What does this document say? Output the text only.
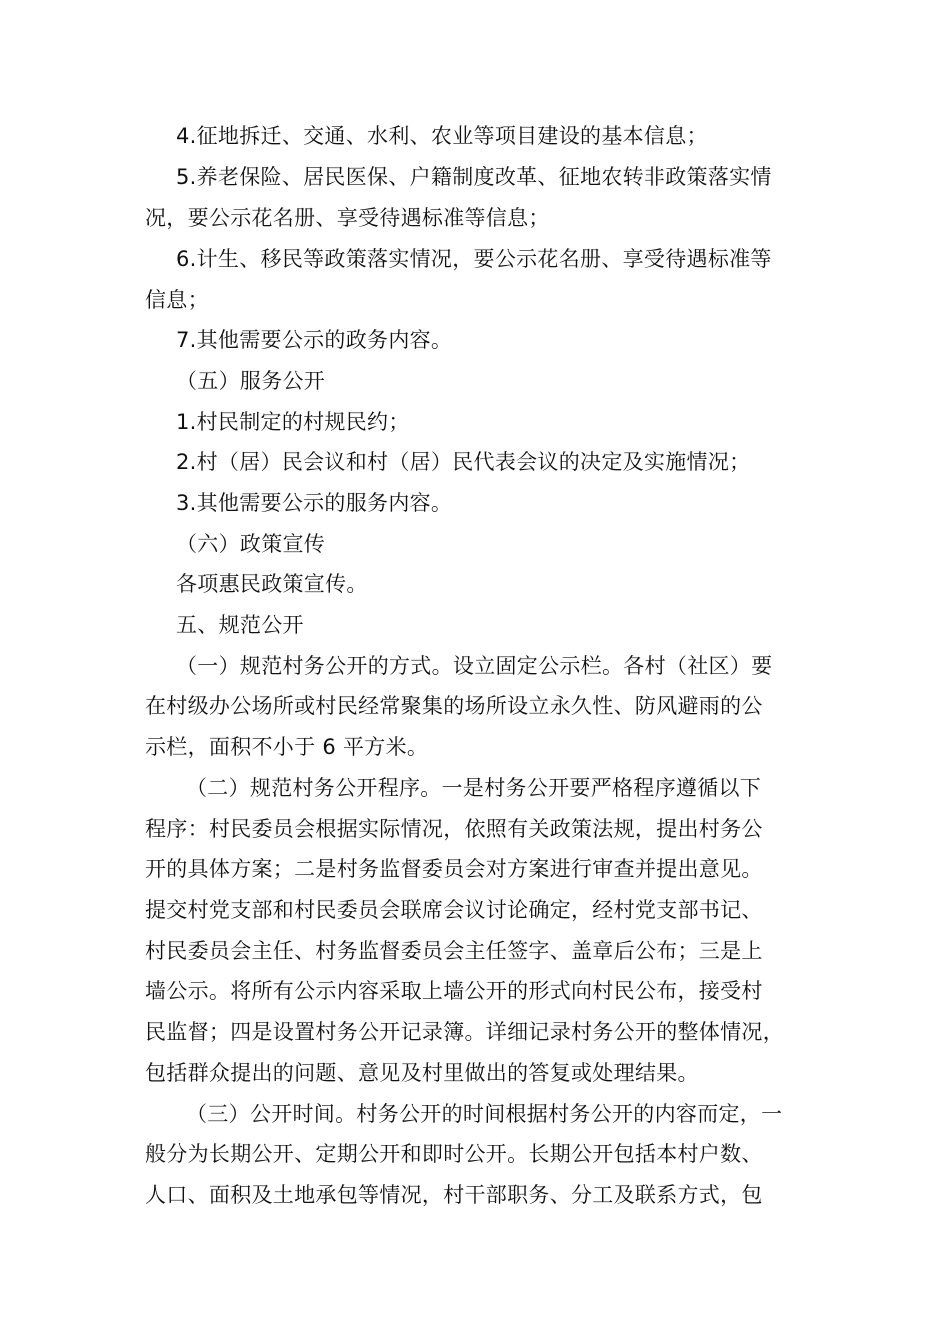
4.征地拆迁、交通、水利、农业等项目建设的基本信息；
5.养老保险、居民医保、户籍制度改革、征地农转非政策落实情
况，要公示花名册、享受待遇标准等信息；
6.计生、移民等政策落实情况，要公示花名册、享受待遇标准等
信息；
7.其他需要公示的政务内容。
（五）服务公开
1.村民制定的村规民约；
2.村（居）民会议和村（居）民代表会议的决定及实施情况；
3.其他需要公示的服务内容。
（六）政策宣传
各项惠民政策宣传。
五、规范公开
（一）规范村务公开的方式。设立固定公示栏。各村（社区）要
在村级办公场所或村民经常聚集的场所设立永久性、防风避雨的公
示栏，面积不小于 6 平方米。
（二）规范村务公开程序。一是村务公开要严格程序遵循以下
程序：村民委员会根据实际情况，依照有关政策法规，提出村务公
开的具体方案；二是村务监督委员会对方案进行审查并提出意见。
提交村党支部和村民委员会联席会议讨论确定，经村党支部书记、
村民委员会主任、村务监督委员会主任签字、盖章后公布；三是上
墙公示。将所有公示内容采取上墙公开的形式向村民公布，接受村
民监督；四是设置村务公开记录簿。详细记录村务公开的整体情况，
包括群众提出的问题、意见及村里做出的答复或处理结果。
（三）公开时间。村务公开的时间根据村务公开的内容而定，一
般分为长期公开、定期公开和即时公开。长期公开包括本村户数、
人口、面积及土地承包等情况，村干部职务、分工及联系方式，包
